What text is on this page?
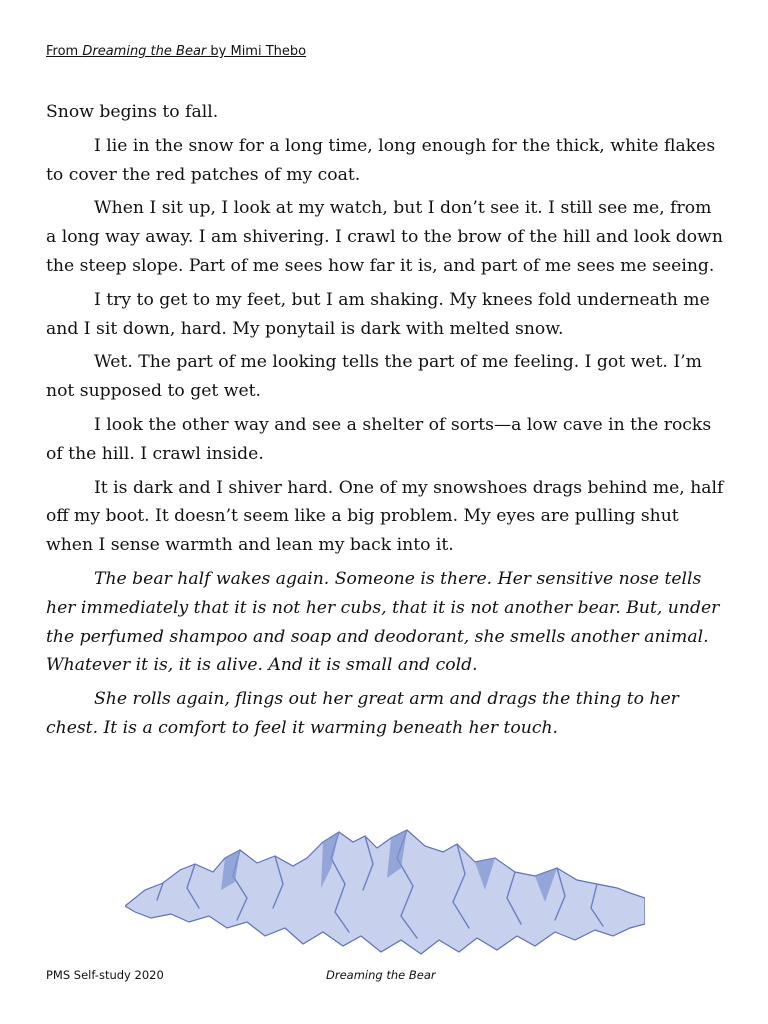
From Dreaming the Bear by Mimi Thebo

Snow begins to fall.

I lie in the snow for a long time, long enough for the thick, white flakes to cover the red patches of my coat.

When I sit up, I look at my watch, but I don’t see it. I still see me, from a long way away. I am shivering. I crawl to the brow of the hill and look down the steep slope. Part of me sees how far it is, and part of me sees me seeing.

I try to get to my feet, but I am shaking. My knees fold underneath me and I sit down, hard. My ponytail is dark with melted snow.

Wet. The part of me looking tells the part of me feeling. I got wet. I’m not supposed to get wet.

I look the other way and see a shelter of sorts—a low cave in the rocks of the hill. I crawl inside.

It is dark and I shiver hard. One of my snowshoes drags behind me, half off my boot. It doesn’t seem like a big problem. My eyes are pulling shut when I sense warmth and lean my back into it.

The bear half wakes again. Someone is there. Her sensitive nose tells her immediately that it is not her cubs, that it is not another bear. But, under the perfumed shampoo and soap and deodorant, she smells another animal. Whatever it is, it is alive. And it is small and cold.

She rolls again, flings out her great arm and drags the thing to her chest. It is a comfort to feel it warming beneath her touch.

PMS Self-study 2020	Dreaming the Bear
